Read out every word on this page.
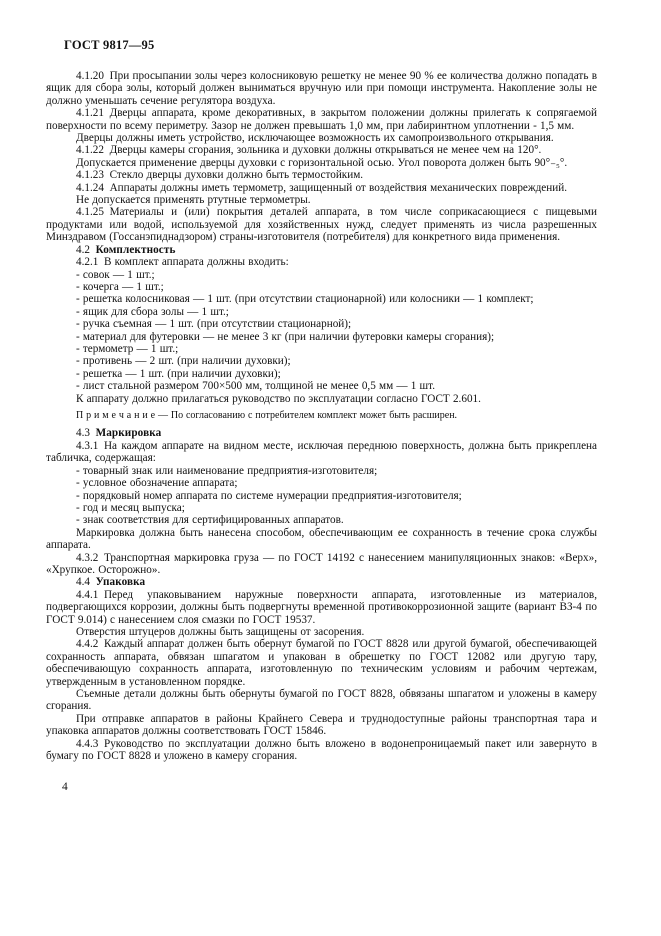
ГОСТ 9817—95

4.1.20 При просыпании золы через колосниковую решетку не менее 90 % ее количества должно попадать в ящик для сбора золы, который должен выниматься вручную или при помощи инструмента. Накопление золы не должно уменьшать сечение регулятора воздуха.

4.1.21 Дверцы аппарата, кроме декоративных, в закрытом положении должны прилегать к сопрягаемой поверхности по всему периметру. Зазор не должен превышать 1,0 мм, при лабиринтном уплотнении - 1,5 мм.

Дверцы должны иметь устройство, исключающее возможность их самопроизвольного открывания.

4.1.22 Дверцы камеры сгорания, зольника и духовки должны открываться не менее чем на 120°.

Допускается применение дверцы духовки с горизонтальной осью. Угол поворота должен быть 90°₋₅°.

4.1.23 Стекло дверцы духовки должно быть термостойким.

4.1.24 Аппараты должны иметь термометр, защищенный от воздействия механических повреждений.

Не допускается применять ртутные термометры.

4.1.25 Материалы и (или) покрытия деталей аппарата, в том числе соприкасающиеся с пищевыми продуктами или водой, используемой для хозяйственных нужд, следует применять из числа разрешенных Минздравом (Госсанэпиднадзором) страны-изготовителя (потребителя) для конкретного вида применения.

4.2 Комплектность

4.2.1 В комплект аппарата должны входить:

- совок — 1 шт.;

- кочерга — 1 шт.;

- решетка колосниковая — 1 шт. (при отсутствии стационарной) или колосники — 1 комплект;

- ящик для сбора золы — 1 шт.;

- ручка съемная — 1 шт. (при отсутствии стационарной);

- материал для футеровки — не менее 3 кг (при наличии футеровки камеры сгорания);

- термометр — 1 шт.;

- противень — 2 шт. (при наличии духовки);

- решетка — 1 шт. (при наличии духовки);

- лист стальной размером 700×500 мм, толщиной не менее 0,5 мм — 1 шт.

К аппарату должно прилагаться руководство по эксплуатации согласно ГОСТ 2.601.

П р и м е ч а н и е — По согласованию с потребителем комплект может быть расширен.

4.3 Маркировка

4.3.1 На каждом аппарате на видном месте, исключая переднюю поверхность, должна быть прикреплена табличка, содержащая:

- товарный знак или наименование предприятия-изготовителя;

- условное обозначение аппарата;

- порядковый номер аппарата по системе нумерации предприятия-изготовителя;

- год и месяц выпуска;

- знак соответствия для сертифицированных аппаратов.

Маркировка должна быть нанесена способом, обеспечивающим ее сохранность в течение срока службы аппарата.

4.3.2 Транспортная маркировка груза — по ГОСТ 14192 с нанесением манипуляционных знаков: «Верх», «Хрупкое. Осторожно».

4.4 Упаковка

4.4.1 Перед упаковыванием наружные поверхности аппарата, изготовленные из материалов, подвергающихся коррозии, должны быть подвергнуты временной противокоррозионной защите (вариант ВЗ-4 по ГОСТ 9.014) с нанесением слоя смазки по ГОСТ 19537.

Отверстия штуцеров должны быть защищены от засорения.

4.4.2 Каждый аппарат должен быть обернут бумагой по ГОСТ 8828 или другой бумагой, обеспечивающей сохранность аппарата, обвязан шпагатом и упакован в обрешетку по ГОСТ 12082 или другую тару, обеспечивающую сохранность аппарата, изготовленную по техническим условиям и рабочим чертежам, утвержденным в установленном порядке.

Съемные детали должны быть обернуты бумагой по ГОСТ 8828, обвязаны шпагатом и уложены в камеру сгорания.

При отправке аппаратов в районы Крайнего Севера и труднодоступные районы транспортная тара и упаковка аппаратов должны соответствовать ГОСТ 15846.

4.4.3 Руководство по эксплуатации должно быть вложено в водонепроницаемый пакет или завернуто в бумагу по ГОСТ 8828 и уложено в камеру сгорания.

4
